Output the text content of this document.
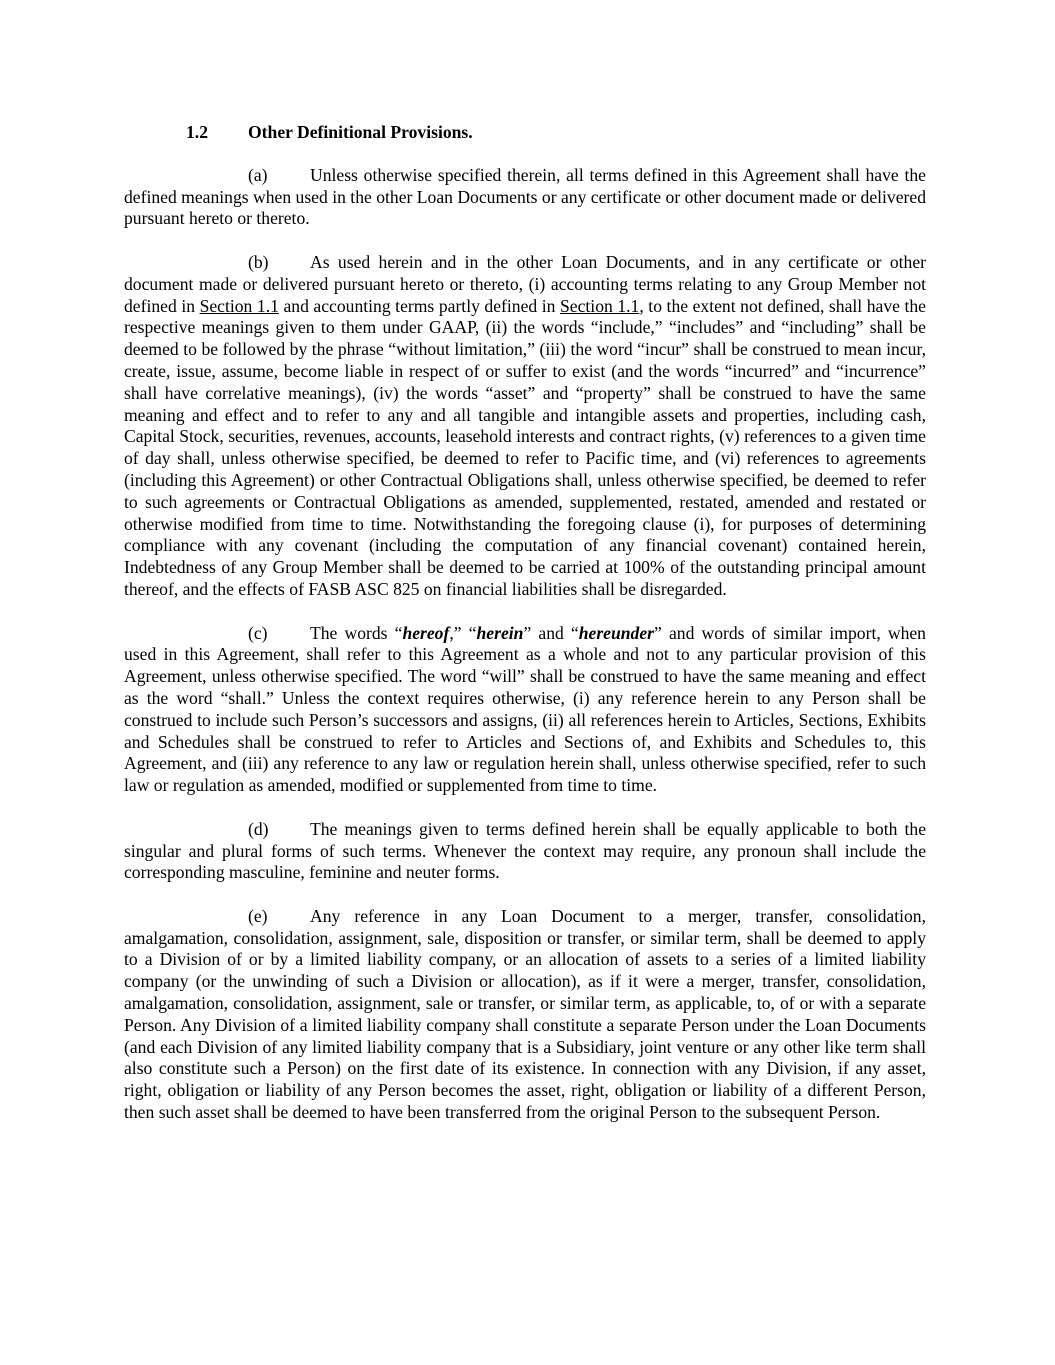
1.2 Other Definitional Provisions.

(a) Unless otherwise specified therein, all terms defined in this Agreement shall have the defined meanings when used in the other Loan Documents or any certificate or other document made or delivered pursuant hereto or thereto.

(b) As used herein and in the other Loan Documents, and in any certificate or other document made or delivered pursuant hereto or thereto, (i) accounting terms relating to any Group Member not defined in Section 1.1 and accounting terms partly defined in Section 1.1, to the extent not defined, shall have the respective meanings given to them under GAAP, (ii) the words “include,” “includes” and “including” shall be deemed to be followed by the phrase “without limitation,” (iii) the word “incur” shall be construed to mean incur, create, issue, assume, become liable in respect of or suffer to exist (and the words “incurred” and “incurrence” shall have correlative meanings), (iv) the words “asset” and “property” shall be construed to have the same meaning and effect and to refer to any and all tangible and intangible assets and properties, including cash, Capital Stock, securities, revenues, accounts, leasehold interests and contract rights, (v) references to a given time of day shall, unless otherwise specified, be deemed to refer to Pacific time, and (vi) references to agreements (including this Agreement) or other Contractual Obligations shall, unless otherwise specified, be deemed to refer to such agreements or Contractual Obligations as amended, supplemented, restated, amended and restated or otherwise modified from time to time. Notwithstanding the foregoing clause (i), for purposes of determining compliance with any covenant (including the computation of any financial covenant) contained herein, Indebtedness of any Group Member shall be deemed to be carried at 100% of the outstanding principal amount thereof, and the effects of FASB ASC 825 on financial liabilities shall be disregarded.

(c) The words “hereof,” “herein” and “hereunder” and words of similar import, when used in this Agreement, shall refer to this Agreement as a whole and not to any particular provision of this Agreement, unless otherwise specified. The word “will” shall be construed to have the same meaning and effect as the word “shall.” Unless the context requires otherwise, (i) any reference herein to any Person shall be construed to include such Person’s successors and assigns, (ii) all references herein to Articles, Sections, Exhibits and Schedules shall be construed to refer to Articles and Sections of, and Exhibits and Schedules to, this Agreement, and (iii) any reference to any law or regulation herein shall, unless otherwise specified, refer to such law or regulation as amended, modified or supplemented from time to time.

(d) The meanings given to terms defined herein shall be equally applicable to both the singular and plural forms of such terms. Whenever the context may require, any pronoun shall include the corresponding masculine, feminine and neuter forms.

(e) Any reference in any Loan Document to a merger, transfer, consolidation, amalgamation, consolidation, assignment, sale, disposition or transfer, or similar term, shall be deemed to apply to a Division of or by a limited liability company, or an allocation of assets to a series of a limited liability company (or the unwinding of such a Division or allocation), as if it were a merger, transfer, consolidation, amalgamation, consolidation, assignment, sale or transfer, or similar term, as applicable, to, of or with a separate Person. Any Division of a limited liability company shall constitute a separate Person under the Loan Documents (and each Division of any limited liability company that is a Subsidiary, joint venture or any other like term shall also constitute such a Person) on the first date of its existence. In connection with any Division, if any asset, right, obligation or liability of any Person becomes the asset, right, obligation or liability of a different Person, then such asset shall be deemed to have been transferred from the original Person to the subsequent Person.
